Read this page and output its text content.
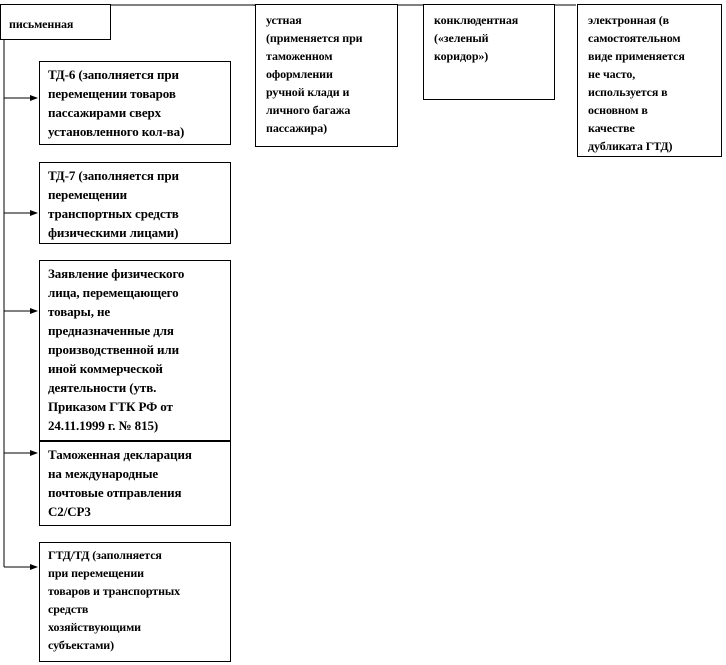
письменная	устная
(применяется при
таможенном
оформлении
ручной клади и
личного багажа
пассажира)
конклюдентная
(«зеленый
коридор»)
электронная (в
самостоятельном
виде применяется
не часто,
используется в
основном в
качестве
дубликата ГТД)
ТД-6 (заполняется при
перемещении товаров
пассажирами сверх
установленного кол-ва)
ТД-7 (заполняется при
перемещении
транспортных средств
физическими лицами)
Заявление физического
лица, перемещающего
товары, не
предназначенные для
производственной или
иной коммерческой
деятельности (утв.
Приказом ГТК РФ от
24.11.1999 г. № 815)
Таможенная декларация
на международные
почтовые отправления
С2/СР3
ГТД/ТД (заполняется
при перемещении
товаров и транспортных
средств
хозяйствующими
субъектами)
